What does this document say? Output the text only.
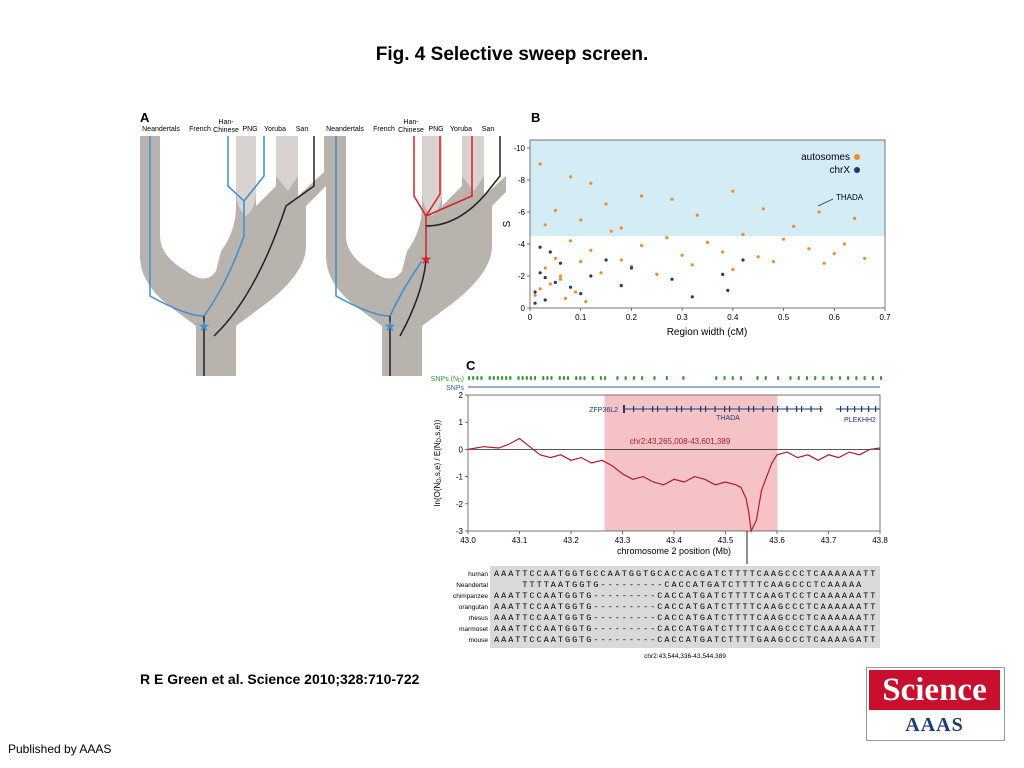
Fig. 4 Selective sweep screen.
A
Neandertals	French
Han-
Chinese PNG Yoruba	San	Neandertals	French
Han-
Chinese PNG Yoruba	San
★	★
★
B
0
-2
-4
-6
-8
-10
0	0.1	0.2	0.3	0.4	0.5	0.6	0.7
S
Region width (cM)
autosomes
chrX
THADA
C
SNPs (ND)
SNPs
-3
-2
-1
0
1
2
43.0	43.1	43.2	43.3	43.4	43.5	43.6	43.7	43.8
ZFP36L2
THADA	PLEKHH2
chr2:43,265,008-43,601,389
chromosome 2 position (Mb)
ln(O(ND,s,e) / E(ND,s,e))
human A A A T T C C A A T G G T G C C A A T G G T G C A C C A C G A T C T T T T C A A G C C C T C A A A A A A T T
Neandertal	T T T T A A T G G T G - - - - - - - - - C A C C A T G A T C T T T T C A A G C C C T C A A A A A
chimpanzee A A A T T C C A A T G G T G - - - - - - - - - C A C C A T G A T C T T T T C A A G T C C T C A A A A A A T T
orangutan A A A T T C C A A T G G T G - - - - - - - - - C A C C A T G A T C T T T T C A A G C C C T C A A A A A A T T
rhesus A A A T T C C A A T G G T G - - - - - - - - - C A C C A T G A T C T T T T C A A G C C C T C A A A A A A T T
marmoset A A A T T C C A A T G G T G - - - - - - - - - C A C C A T G A T C T T T T C A A G C C C T C A A A A A A T T
mouse A A A T T C C A A T G G T G - - - - - - - - - C A C C A T G A T C T T T T G A A G C C C T C A A A A G A T T
chr2:43,544,336-43,544,389
R E Green et al. Science 2010;328:710-722	Science
AAAS
Published by AAAS
